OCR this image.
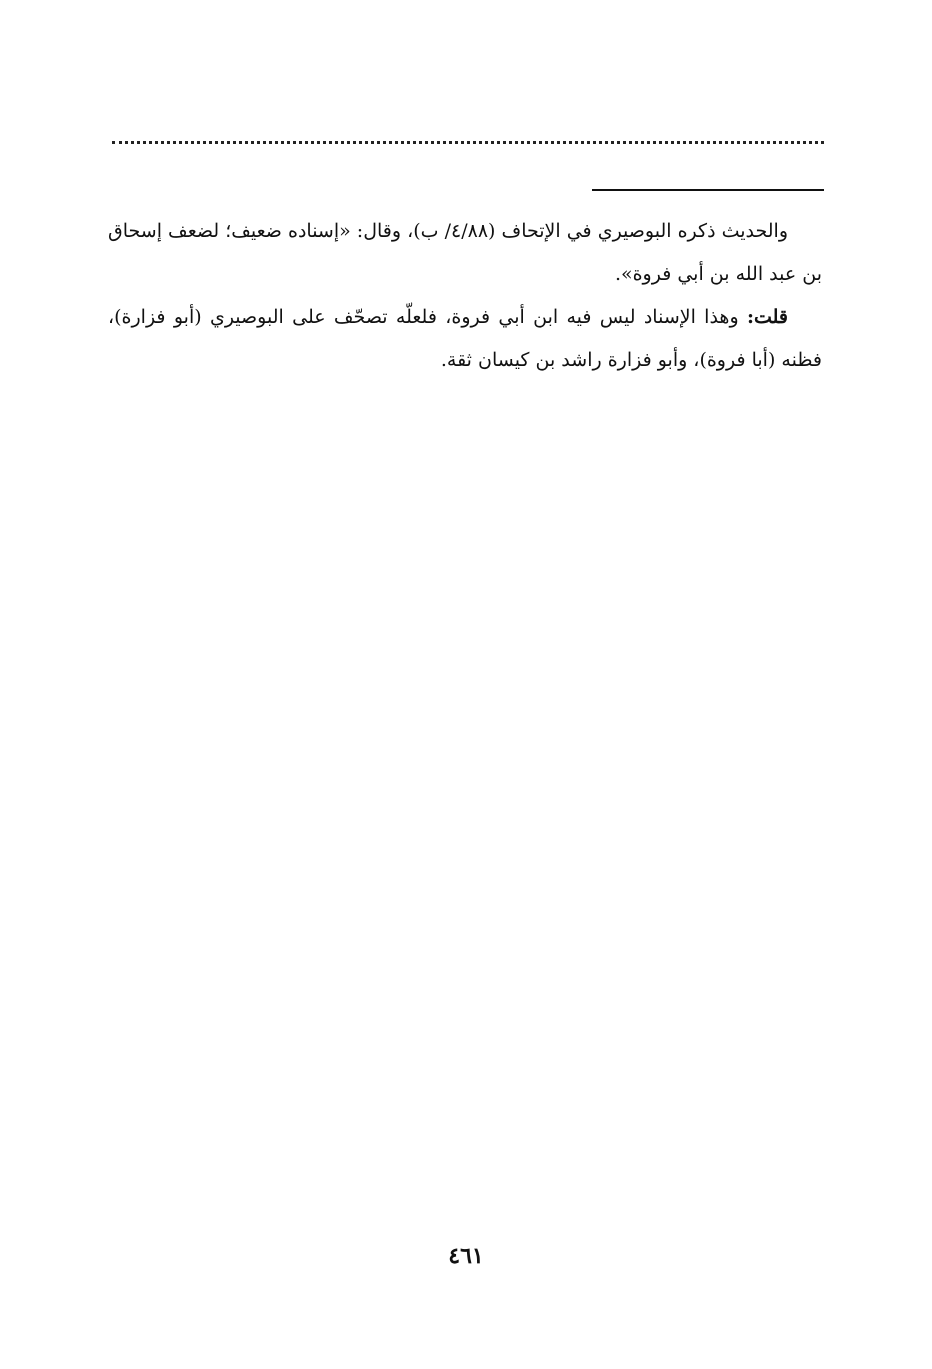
والحديث ذكره البوصيري في الإتحاف (٤/٨٨/ ب)، وقال: «إسناده ضعيف؛ لضعف إسحاق بن عبد الله بن أبي فروة».

قلت: وهذا الإسناد ليس فيه ابن أبي فروة، فلعلّه تصحّف على البوصيري (أبو فزارة)، فظنه (أبا فروة)، وأبو فزارة راشد بن كيسان ثقة.

٤٦١
